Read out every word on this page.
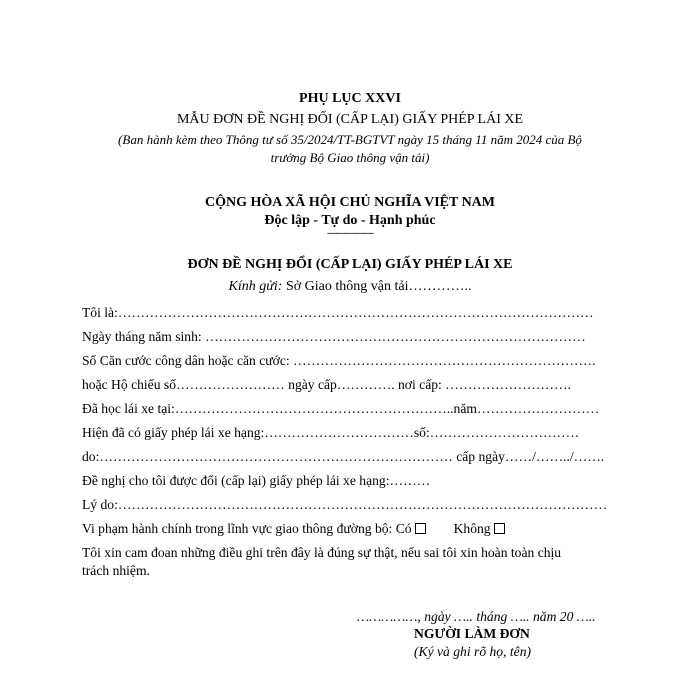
PHỤ LỤC XXVI
MẪU ĐƠN ĐỀ NGHỊ ĐỔI (CẤP LẠI) GIẤY PHÉP LÁI XE
(Ban hành kèm theo Thông tư số 35/2024/TT-BGTVT ngày 15 tháng 11 năm 2024 của Bộ
trưởng Bộ Giao thông vận tải)
CỘNG HÒA XÃ HỘI CHỦ NGHĨA VIỆT NAM
Độc lập - Tự do - Hạnh phúc
—————
ĐƠN ĐỀ NGHỊ ĐỔI (CẤP LẠI) GIẤY PHÉP LÁI XE
Kính gửi: Sở Giao thông vận tải…………..
Tôi là:……………………………………………………………………………………………
Ngày tháng năm sinh: …………………………………………………………………………
Số Căn cước công dân hoặc căn cước: ………………………………………………………….
hoặc Hộ chiếu số…………………… ngày cấp…………. nơi cấp: ……………………….
Đã học lái xe tại:……………………………………………………..năm………………………
Hiện đã có giấy phép lái xe hạng:……………………………số:……………………………
do:…………………………………………………………………… cấp ngày……/……../…….
Đề nghị cho tôi được đổi (cấp lại) giấy phép lái xe hạng:………
Lý do:………………………………………………………………………………………………
Vi phạm hành chính trong lĩnh vực giao thông đường bộ: Có	Không
Tôi xin cam đoan những điều ghi trên đây là đúng sự thật, nếu sai tôi xin hoàn toàn chịu
trách nhiệm.
……………, ngày ….. tháng ….. năm 20 …..
NGƯỜI LÀM ĐƠN
(Ký và ghi rõ họ, tên)
